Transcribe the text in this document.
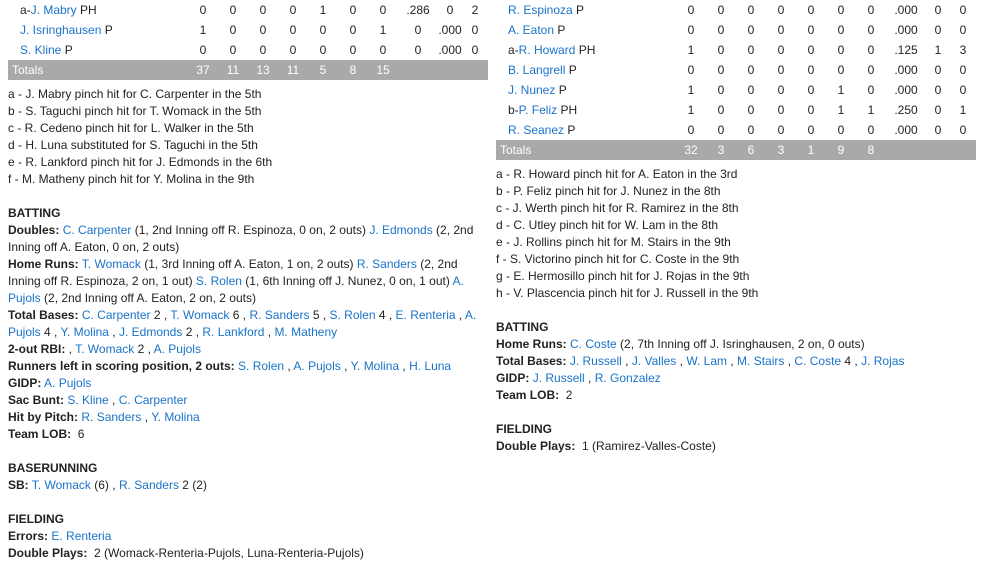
a-J. Mabry PH	0	0	0	0	1	0	0	.286	0	2
J. Isringhausen P	1	0	0	0	0	0	1	0	.000	0
S. Kline P	0	0	0	0	0	0	0	0	.000	0
Totals	37	11	13	11	5	8	15			
a - J. Mabry pinch hit for C. Carpenter in the 5th
b - S. Taguchi pinch hit for T. Womack in the 5th
c - R. Cedeno pinch hit for L. Walker in the 5th
d - H. Luna substituted for S. Taguchi in the 5th
e - R. Lankford pinch hit for J. Edmonds in the 6th
f - M. Matheny pinch hit for Y. Molina in the 9th
BATTING
Doubles: C. Carpenter (1, 2nd Inning off R. Espinoza, 0 on, 2 outs) J. Edmonds (2, 2nd Inning off A. Eaton, 0 on, 2 outs)
Home Runs: T. Womack (1, 3rd Inning off A. Eaton, 1 on, 2 outs) R. Sanders (2, 2nd Inning off R. Espinoza, 2 on, 1 out) S. Rolen (1, 6th Inning off J. Nunez, 0 on, 1 out) A. Pujols (2, 2nd Inning off A. Eaton, 2 on, 2 outs)
Total Bases: C. Carpenter 2 , T. Womack 6 , R. Sanders 5 , S. Rolen 4 , E. Renteria , A. Pujols 4 , Y. Molina , J. Edmonds 2 , R. Lankford , M. Matheny
2-out RBI: , T. Womack 2 , A. Pujols
Runners left in scoring position, 2 outs: S. Rolen , A. Pujols , Y. Molina , H. Luna
GIDP: A. Pujols
Sac Bunt: S. Kline , C. Carpenter
Hit by Pitch: R. Sanders , Y. Molina
Team LOB: 6
BASERUNNING
SB: T. Womack (6) , R. Sanders 2 (2)
FIELDING
Errors: E. Renteria
Double Plays: 2 (Womack-Renteria-Pujols, Luna-Renteria-Pujols)
R. Espinoza P	0	0	0	0	0	0	0	.000	0	0
A. Eaton P	0	0	0	0	0	0	0	.000	0	0
a-R. Howard PH	1	0	0	0	0	0	0	.125	1	3
B. Langrell P	0	0	0	0	0	0	0	.000	0	0
J. Nunez P	1	0	0	0	0	1	0	.000	0	0
b-P. Feliz PH	1	0	0	0	0	1	1	.250	0	1
R. Seanez P	0	0	0	0	0	0	0	.000	0	0
Totals	32	3	6	3	1	9	8			
a - R. Howard pinch hit for A. Eaton in the 3rd
b - P. Feliz pinch hit for J. Nunez in the 8th
c - J. Werth pinch hit for R. Ramirez in the 8th
d - C. Utley pinch hit for W. Lam in the 8th
e - J. Rollins pinch hit for M. Stairs in the 9th
f - S. Victorino pinch hit for C. Coste in the 9th
g - E. Hermosillo pinch hit for J. Rojas in the 9th
h - V. Plascencia pinch hit for J. Russell in the 9th
BATTING
Home Runs: C. Coste (2, 7th Inning off J. Isringhausen, 2 on, 0 outs)
Total Bases: J. Russell , J. Valles , W. Lam , M. Stairs , C. Coste 4 , J. Rojas
GIDP: J. Russell , R. Gonzalez
Team LOB: 2
FIELDING
Double Plays: 1 (Ramirez-Valles-Coste)
